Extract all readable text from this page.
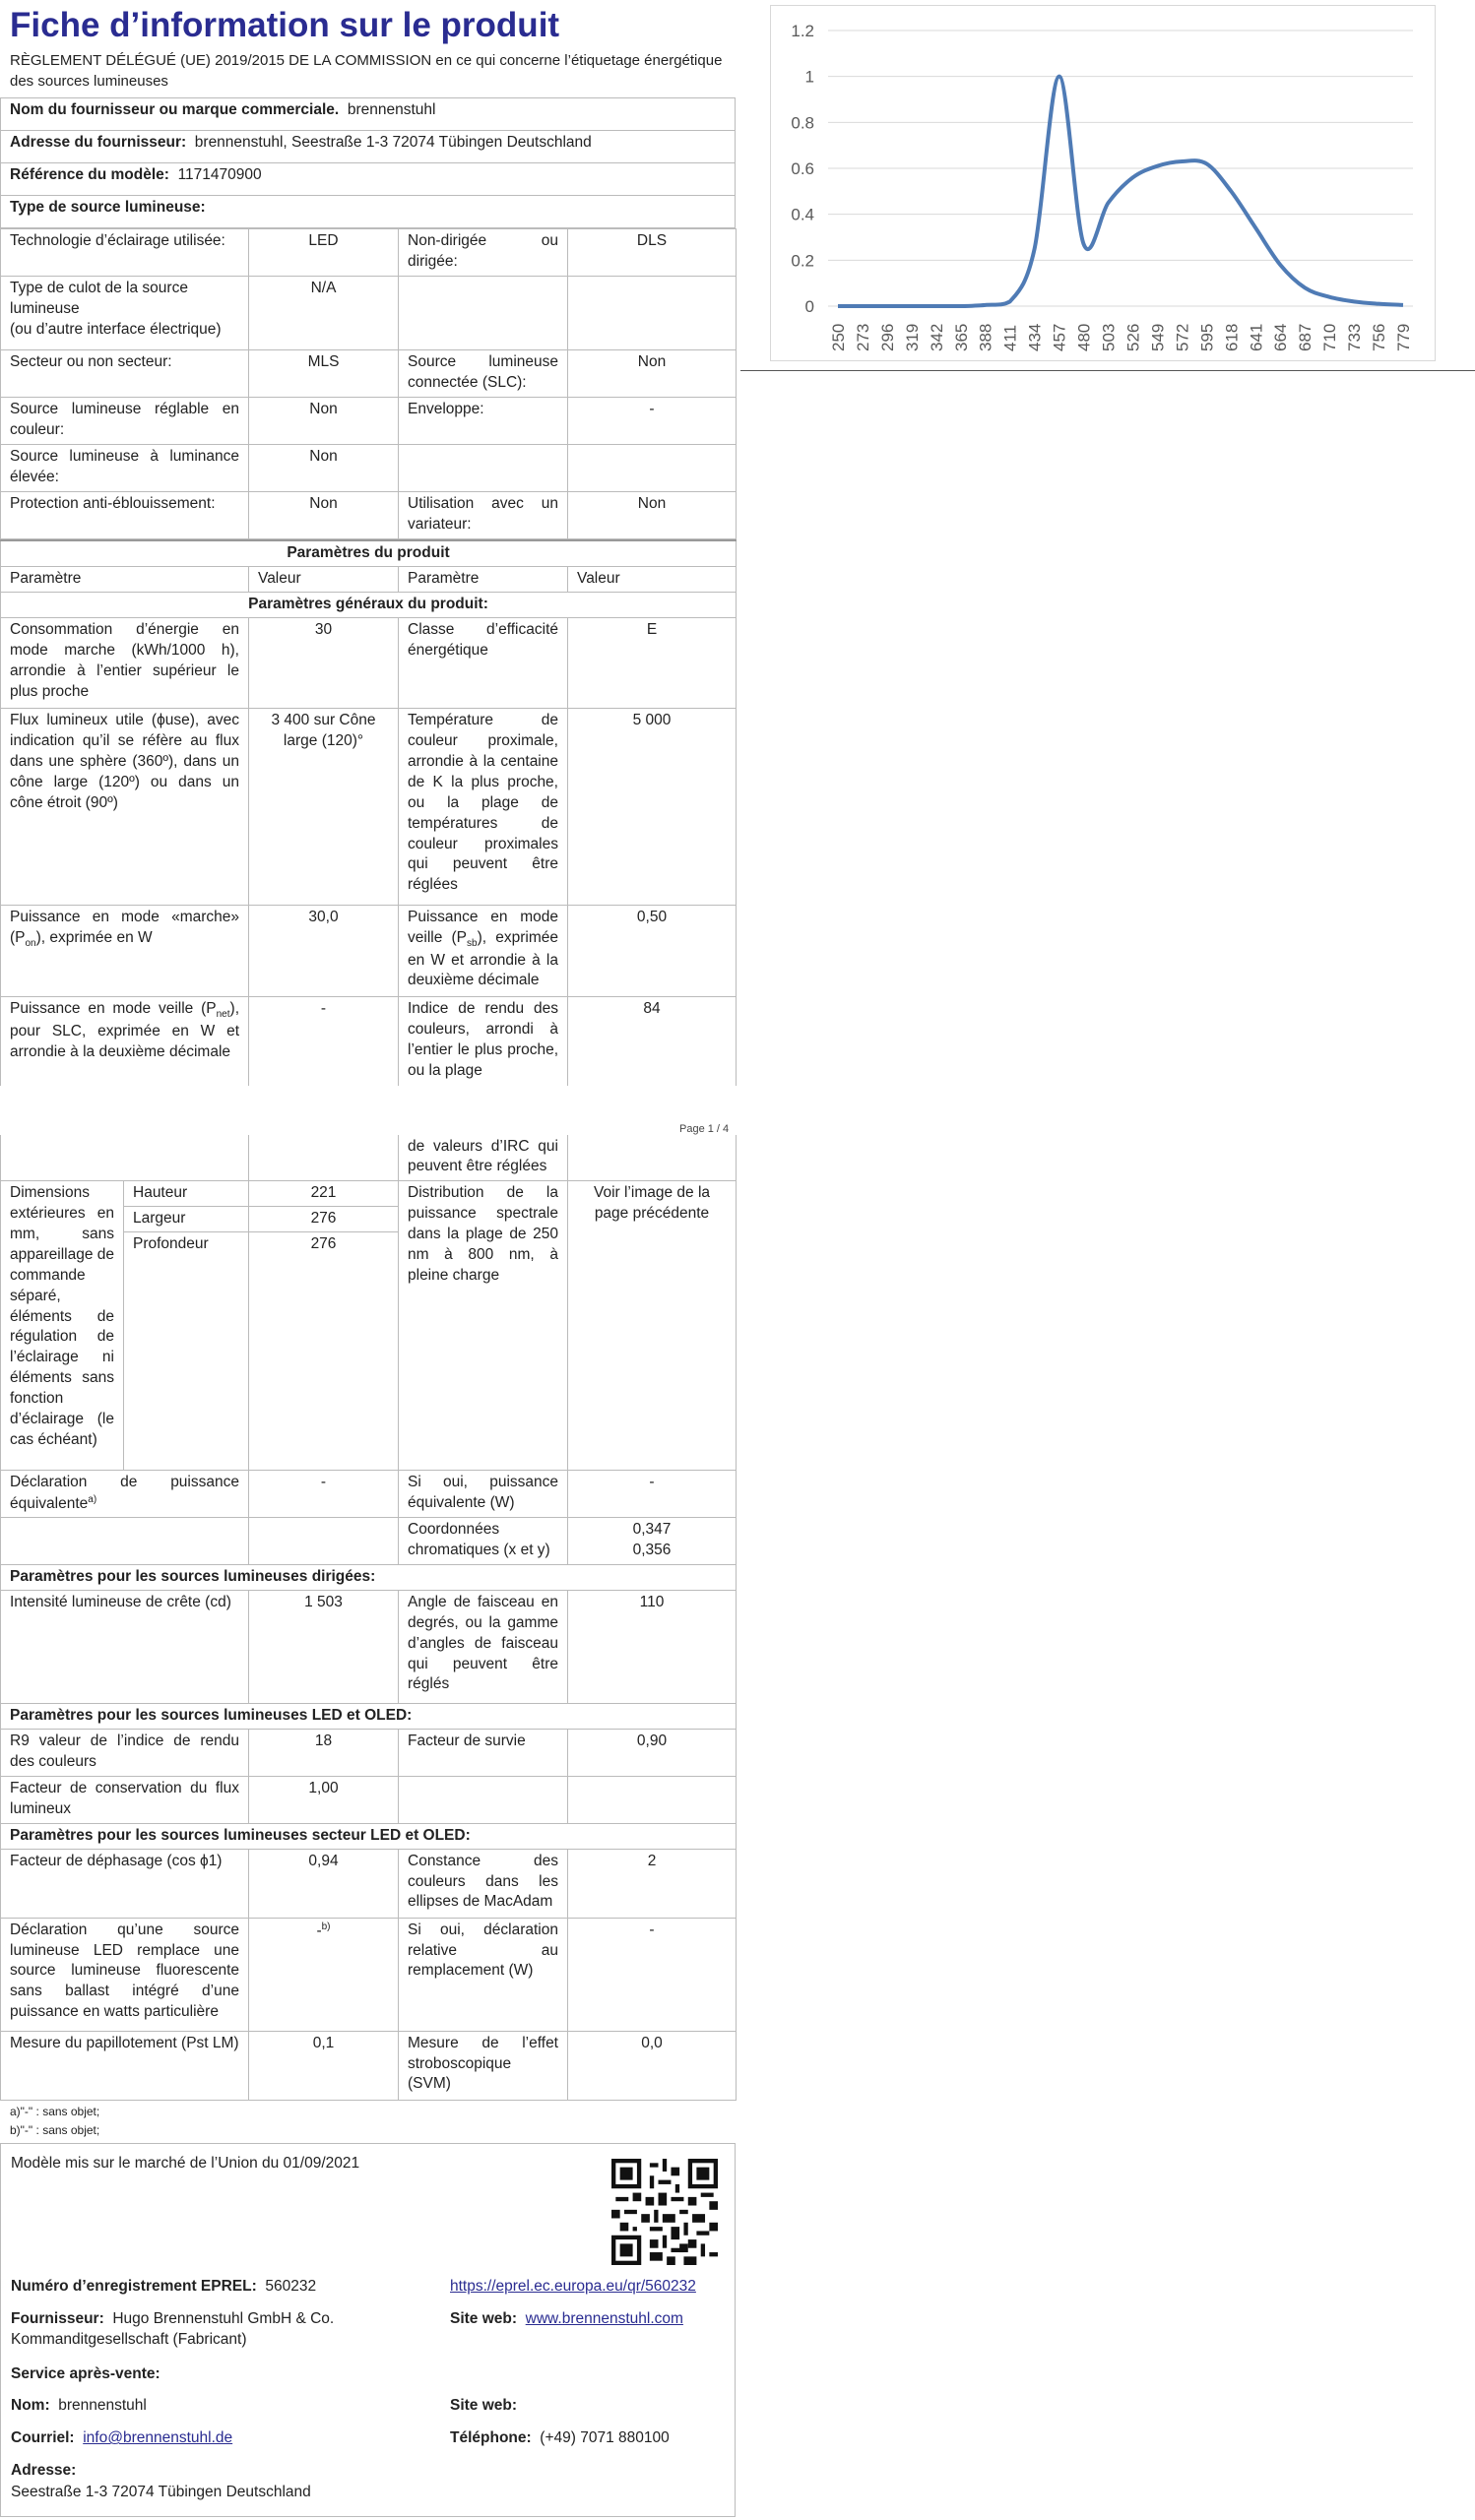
Fiche d’information sur le produit
RÈGLEMENT DÉLÉGUÉ (UE) 2019/2015 DE LA COMMISSION en ce qui concerne l’étiquetage énergétique des sources lumineuses
Nom du fournisseur ou marque commerciale. brennenstuhl
Adresse du fournisseur: brennenstuhl, Seestraße 1-3 72074 Tübingen Deutschland
Référence du modèle: 1171470900
Type de source lumineuse:
Technologie d’éclairage utilisée:	LED	Non-dirigée ou dirigée:	DLS

Type de culot de la source lumineuse
(ou d’autre interface électrique)	N/A		
Secteur ou non secteur:	MLS	Source lumineuse connectée (SLC):	Non
Source lumineuse réglable en couleur:	Non	Enveloppe:	-
Source lumineuse à luminance élevée:	Non		
Protection anti-éblouissement:	Non	Utilisation avec un variateur:	Non
Paramètres du produit			
Paramètre	Valeur	Paramètre	Valeur
Paramètres généraux du produit:			
Consommation d’énergie en mode marche (kWh/1000 h), arrondie à l’entier supérieur le plus proche	30	Classe d’efficacité énergétique	E
Flux lumineux utile (ϕuse), avec indication qu’il se réfère au flux dans une sphère (360º), dans un cône large (120º) ou dans un cône étroit (90º)	3 400 sur Cône large (120)°	Température de couleur proximale, arrondie à la centaine de K la plus proche, ou la plage de températures de couleur proximales qui peuvent être réglées	5 000
Puissance en mode «marche» $(P_{on})$, exprimée en W	30,0	Puissance en mode veille $(P_{sb})$, exprimée en W et arrondie à la deuxième décimale	0,50
Puissance en mode veille $(P_{net})$, pour SLC, exprimée en W et arrondie à la deuxième décimale	-	Indice de rendu des couleurs, arrondi à l’entier le plus proche, ou la plage	84
			de valeurs d’IRC qui peuvent être réglées	
Dimensions extérieures en mm, sans appareillage de commande séparé, éléments de régulation de l’éclairage ni éléments sans fonction d’éclairage (le cas échéant)	Hauteur	221	Distribution de la puissance spectrale dans la plage de 250 nm à 800 nm, à pleine charge	Voir l’image de la page précédente
	Largeur	276		
	Profondeur	276		
Déclaration de puissance équivalente$^{a)}$		-	Si oui, puissance équivalente (W)	-
			Coordonnées chromatiques (x et y)	0,347
0,356

Paramètres pour les sources lumineuses dirigées:				
Intensité lumineuse de crête (cd)		1 503	Angle de faisceau en degrés, ou la gamme d’angles de faisceau qui peuvent être réglés	110
Paramètres pour les sources lumineuses LED et OLED:				
R9 valeur de l’indice de rendu des couleurs		18	Facteur de survie	0,90
Facteur de conservation du flux lumineux		1,00		
Paramètres pour les sources lumineuses secteur LED et OLED:				
Facteur de déphasage (cos ϕ1)		0,94	Constance des couleurs dans les ellipses de MacAdam	2
Déclaration qu’une source lumineuse LED remplace une source lumineuse fluorescente sans ballast intégré d’une puissance en watts particulière		-$^{b)}$	Si oui, déclaration relative au remplacement (W)	-
Mesure du papillotement (Pst LM)		0,1	Mesure de l’effet stroboscopique (SVM)	0,0
a)"-" : sans objet;
b)"-" : sans objet;
Modèle mis sur le marché de l’Union du 01/09/2021
Numéro d’enregistrement EPREL: 560232	https://eprel.ec.europa.eu/qr/560232
Fournisseur: Hugo Brennenstuhl GmbH & Co. Kommanditgesellschaft (Fabricant)
Site web: www.brennenstuhl.com
Service après-vente:
Nom: brennenstuhl	Site web:
Courriel: info@brennenstuhl.de	Téléphone: (+49) 7071 880100
Adresse:
Seestraße 1-3 72074 Tübingen Deutschland
Page 1 / 4
0
0.2
0.4
0.6
0.8
1
1.2
250 273 296 319 342 365 388 411 434 457 480 503 526 549 572 595 618 641 664 687 710 733 756 779
